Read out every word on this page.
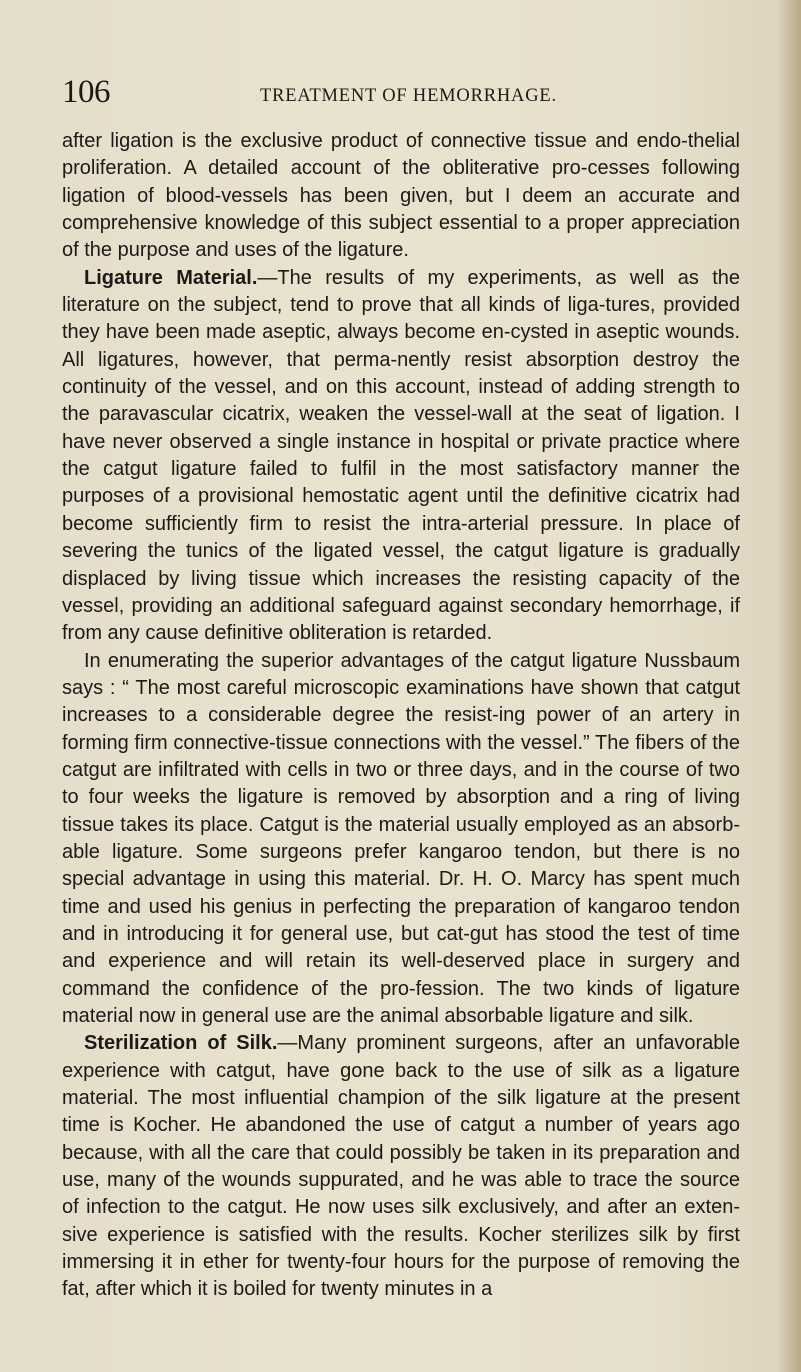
106	TREATMENT OF HEMORRHAGE.

after ligation is the exclusive product of connective tissue and endo-thelial proliferation. A detailed account of the obliterative pro-cesses following ligation of blood-vessels has been given, but I deem an accurate and comprehensive knowledge of this subject essential to a proper appreciation of the purpose and uses of the ligature.

Ligature Material.—The results of my experiments, as well as the literature on the subject, tend to prove that all kinds of liga-tures, provided they have been made aseptic, always become en-cysted in aseptic wounds. All ligatures, however, that perma-nently resist absorption destroy the continuity of the vessel, and on this account, instead of adding strength to the paravascular cicatrix, weaken the vessel-wall at the seat of ligation. I have never observed a single instance in hospital or private practice where the catgut ligature failed to fulfil in the most satisfactory manner the purposes of a provisional hemostatic agent until the definitive cicatrix had become sufficiently firm to resist the intra-arterial pressure. In place of severing the tunics of the ligated vessel, the catgut ligature is gradually displaced by living tissue which increases the resisting capacity of the vessel, providing an additional safeguard against secondary hemorrhage, if from any cause definitive obliteration is retarded.

In enumerating the superior advantages of the catgut ligature Nussbaum says : “ The most careful microscopic examinations have shown that catgut increases to a considerable degree the resist-ing power of an artery in forming firm connective-tissue connections with the vessel.” The fibers of the catgut are infiltrated with cells in two or three days, and in the course of two to four weeks the ligature is removed by absorption and a ring of living tissue takes its place. Catgut is the material usually employed as an absorb-able ligature. Some surgeons prefer kangaroo tendon, but there is no special advantage in using this material. Dr. H. O. Marcy has spent much time and used his genius in perfecting the preparation of kangaroo tendon and in introducing it for general use, but cat-gut has stood the test of time and experience and will retain its well-deserved place in surgery and command the confidence of the pro-fession. The two kinds of ligature material now in general use are the animal absorbable ligature and silk.

Sterilization of Silk.—Many prominent surgeons, after an unfavorable experience with catgut, have gone back to the use of silk as a ligature material. The most influential champion of the silk ligature at the present time is Kocher. He abandoned the use of catgut a number of years ago because, with all the care that could possibly be taken in its preparation and use, many of the wounds suppurated, and he was able to trace the source of infection to the catgut. He now uses silk exclusively, and after an exten-sive experience is satisfied with the results. Kocher sterilizes silk by first immersing it in ether for twenty-four hours for the purpose of removing the fat, after which it is boiled for twenty minutes in a
